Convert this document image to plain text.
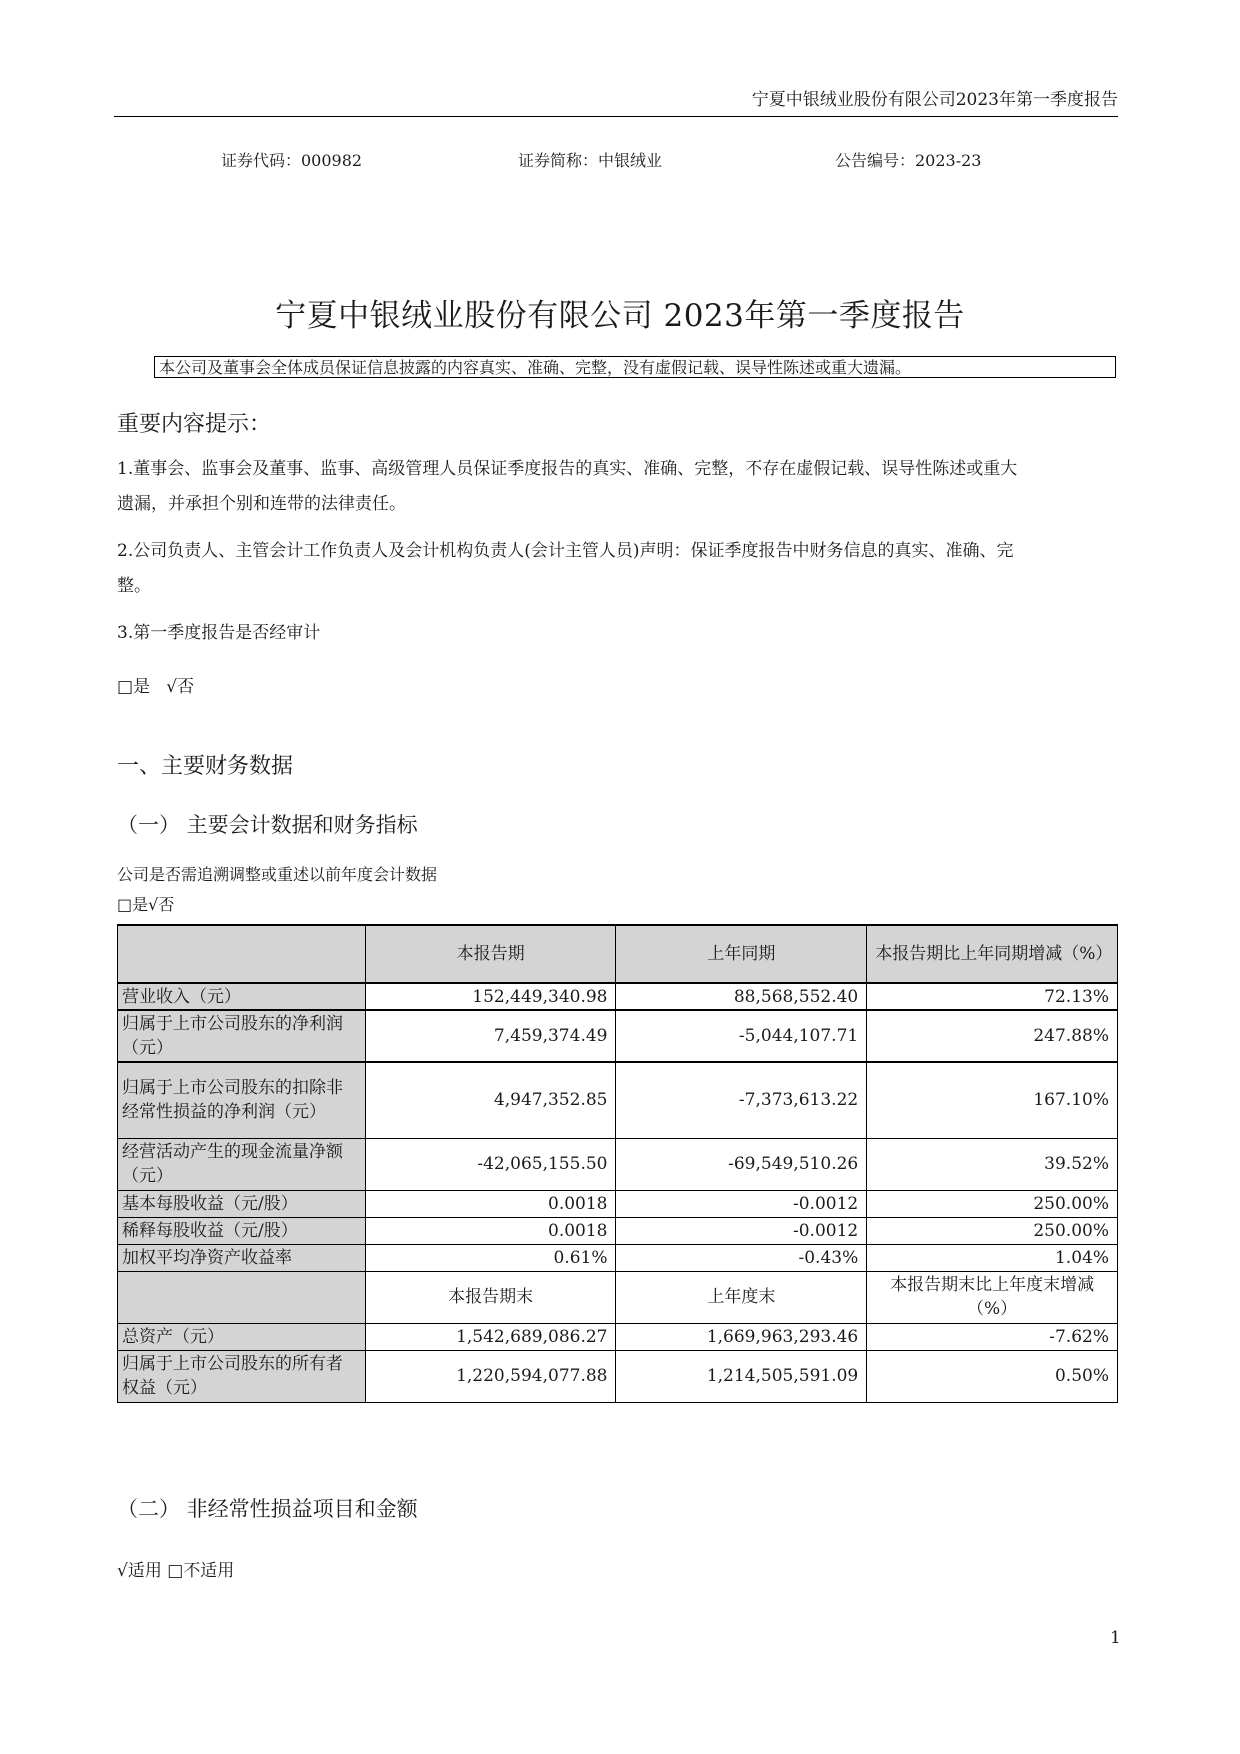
宁夏中银绒业股份有限公司2023年第一季度报告
证券代码：000982	证券简称：中银绒业	公告编号：2023-23
宁夏中银绒业股份有限公司 2023年第一季度报告
本公司及董事会全体成员保证信息披露的内容真实、准确、完整，没有虚假记载、误导性陈述或重大遗漏。
重要内容提示：
1.董事会、监事会及董事、监事、高级管理人员保证季度报告的真实、准确、完整，不存在虚假记载、误导性陈述或重大
遗漏，并承担个别和连带的法律责任。
2.公司负责人、主管会计工作负责人及会计机构负责人(会计主管人员)声明：保证季度报告中财务信息的真实、准确、完
整。
3.第一季度报告是否经审计
□是 √否
一、主要财务数据
（一） 主要会计数据和财务指标
公司是否需追溯调整或重述以前年度会计数据
□是√否
	本报告期	上年同期	本报告期比上年同期增减（%）
营业收入（元）	152,449,340.98	88,568,552.40	72.13%
归属于上市公司股东的净利润（元）	7,459,374.49	-5,044,107.71	247.88%
归属于上市公司股东的扣除非经常性损益的净利润（元）	4,947,352.85	-7,373,613.22	167.10%
经营活动产生的现金流量净额（元）	-42,065,155.50	-69,549,510.26	39.52%
基本每股收益（元/股）	0.0018	-0.0012	250.00%
稀释每股收益（元/股）	0.0018	-0.0012	250.00%
加权平均净资产收益率	0.61%	-0.43%	1.04%
	本报告期末	上年度末	本报告期末比上年度末增减（%）
总资产（元）	1,542,689,086.27	1,669,963,293.46	-7.62%
归属于上市公司股东的所有者权益（元）	1,220,594,077.88	1,214,505,591.09	0.50%
（二） 非经常性损益项目和金额
√适用 □不适用
1
